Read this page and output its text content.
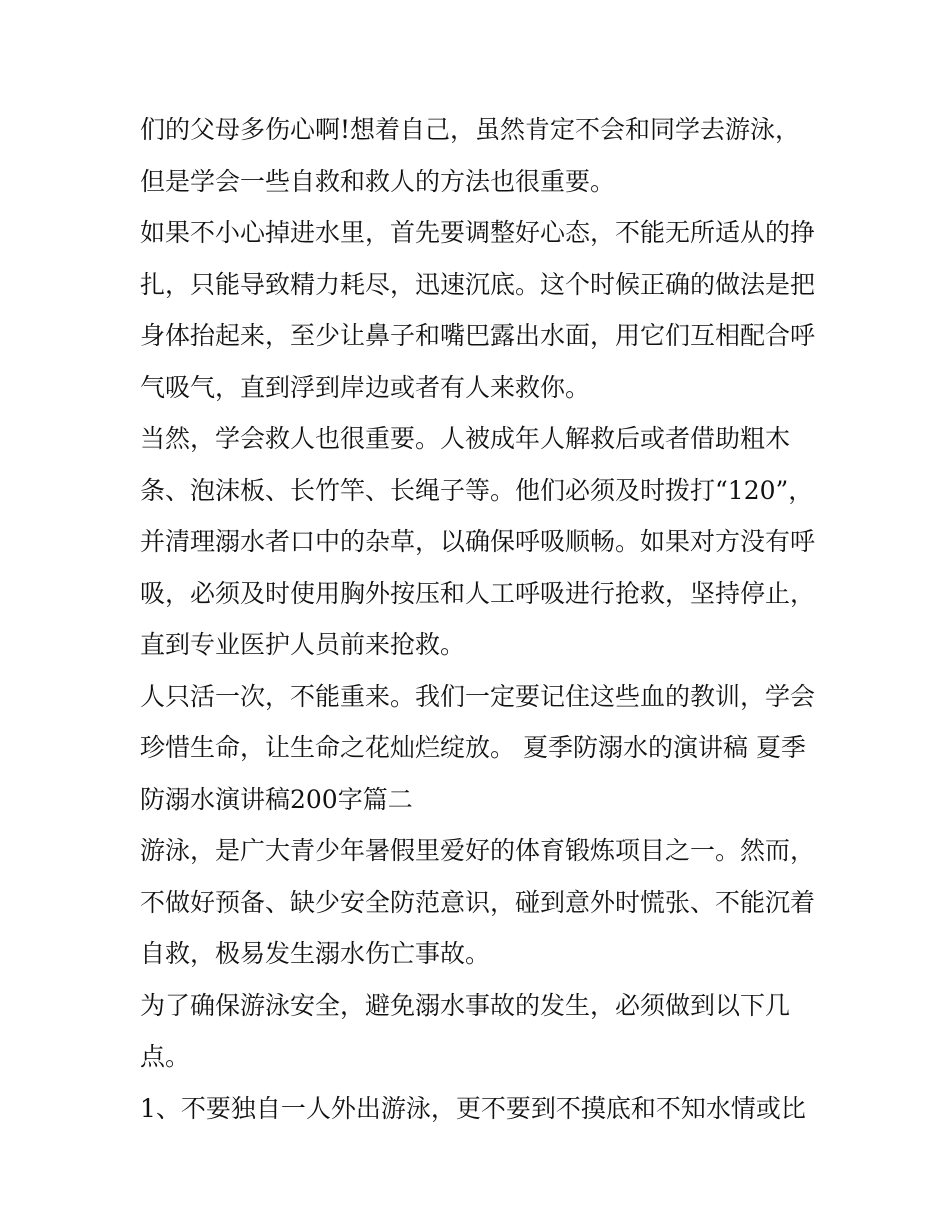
们的父母多伤心啊!想着自己，虽然肯定不会和同学去游泳，
但是学会一些自救和救人的方法也很重要。
如果不小心掉进水里，首先要调整好心态，不能无所适从的挣
扎，只能导致精力耗尽，迅速沉底。这个时候正确的做法是把
身体抬起来，至少让鼻子和嘴巴露出水面，用它们互相配合呼
气吸气，直到浮到岸边或者有人来救你。
当然，学会救人也很重要。人被成年人解救后或者借助粗木
条、泡沫板、长竹竿、长绳子等。他们必须及时拨打“120”，
并清理溺水者口中的杂草，以确保呼吸顺畅。如果对方没有呼
吸，必须及时使用胸外按压和人工呼吸进行抢救，坚持停止，
直到专业医护人员前来抢救。
人只活一次，不能重来。我们一定要记住这些血的教训，学会
珍惜生命，让生命之花灿烂绽放。 夏季防溺水的演讲稿 夏季
防溺水演讲稿200字篇二
游泳，是广大青少年暑假里爱好的体育锻炼项目之一。然而，
不做好预备、缺少安全防范意识，碰到意外时慌张、不能沉着
自救，极易发生溺水伤亡事故。
为了确保游泳安全，避免溺水事故的发生，必须做到以下几
点。
1、不要独自一人外出游泳，更不要到不摸底和不知水情或比
